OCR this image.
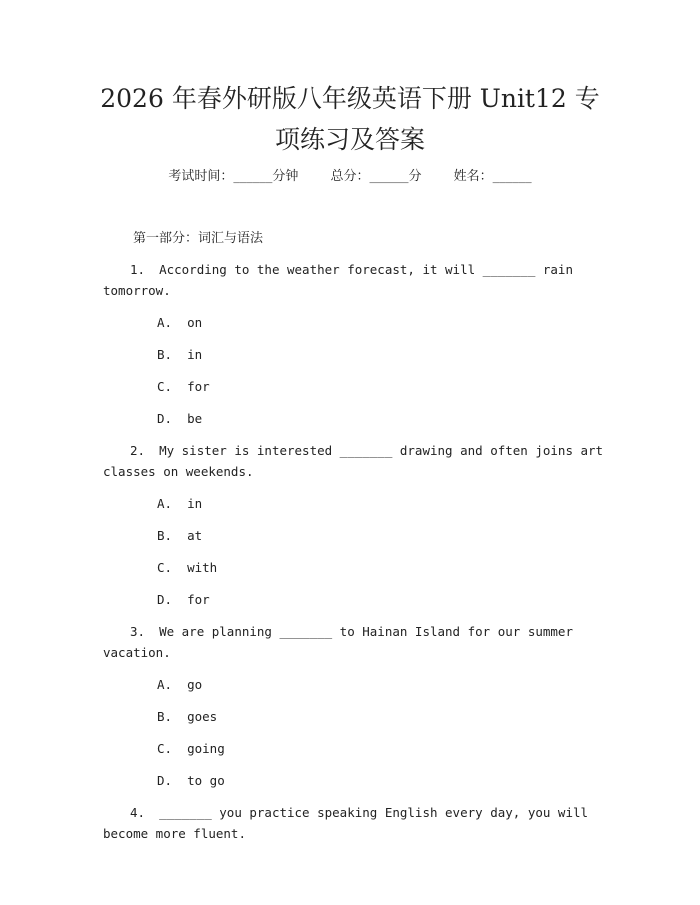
2026 年春外研版八年级英语下册 Unit12 专
项练习及答案
考试时间：______分钟 总分：______分 姓名：______
第一部分：词汇与语法
1. According to the weather forecast, it will _______ rain tomorrow.
A.  on
B.  in
C.  for
D.  be
2. My sister is interested _______ drawing and often joins art classes on weekends.
A.  in
B.  at
C.  with
D.  for
3. We are planning _______ to Hainan Island for our summer vacation.
A.  go
B.  goes
C.  going
D.  to go
4. _______ you practice speaking English every day, you will become more fluent.
